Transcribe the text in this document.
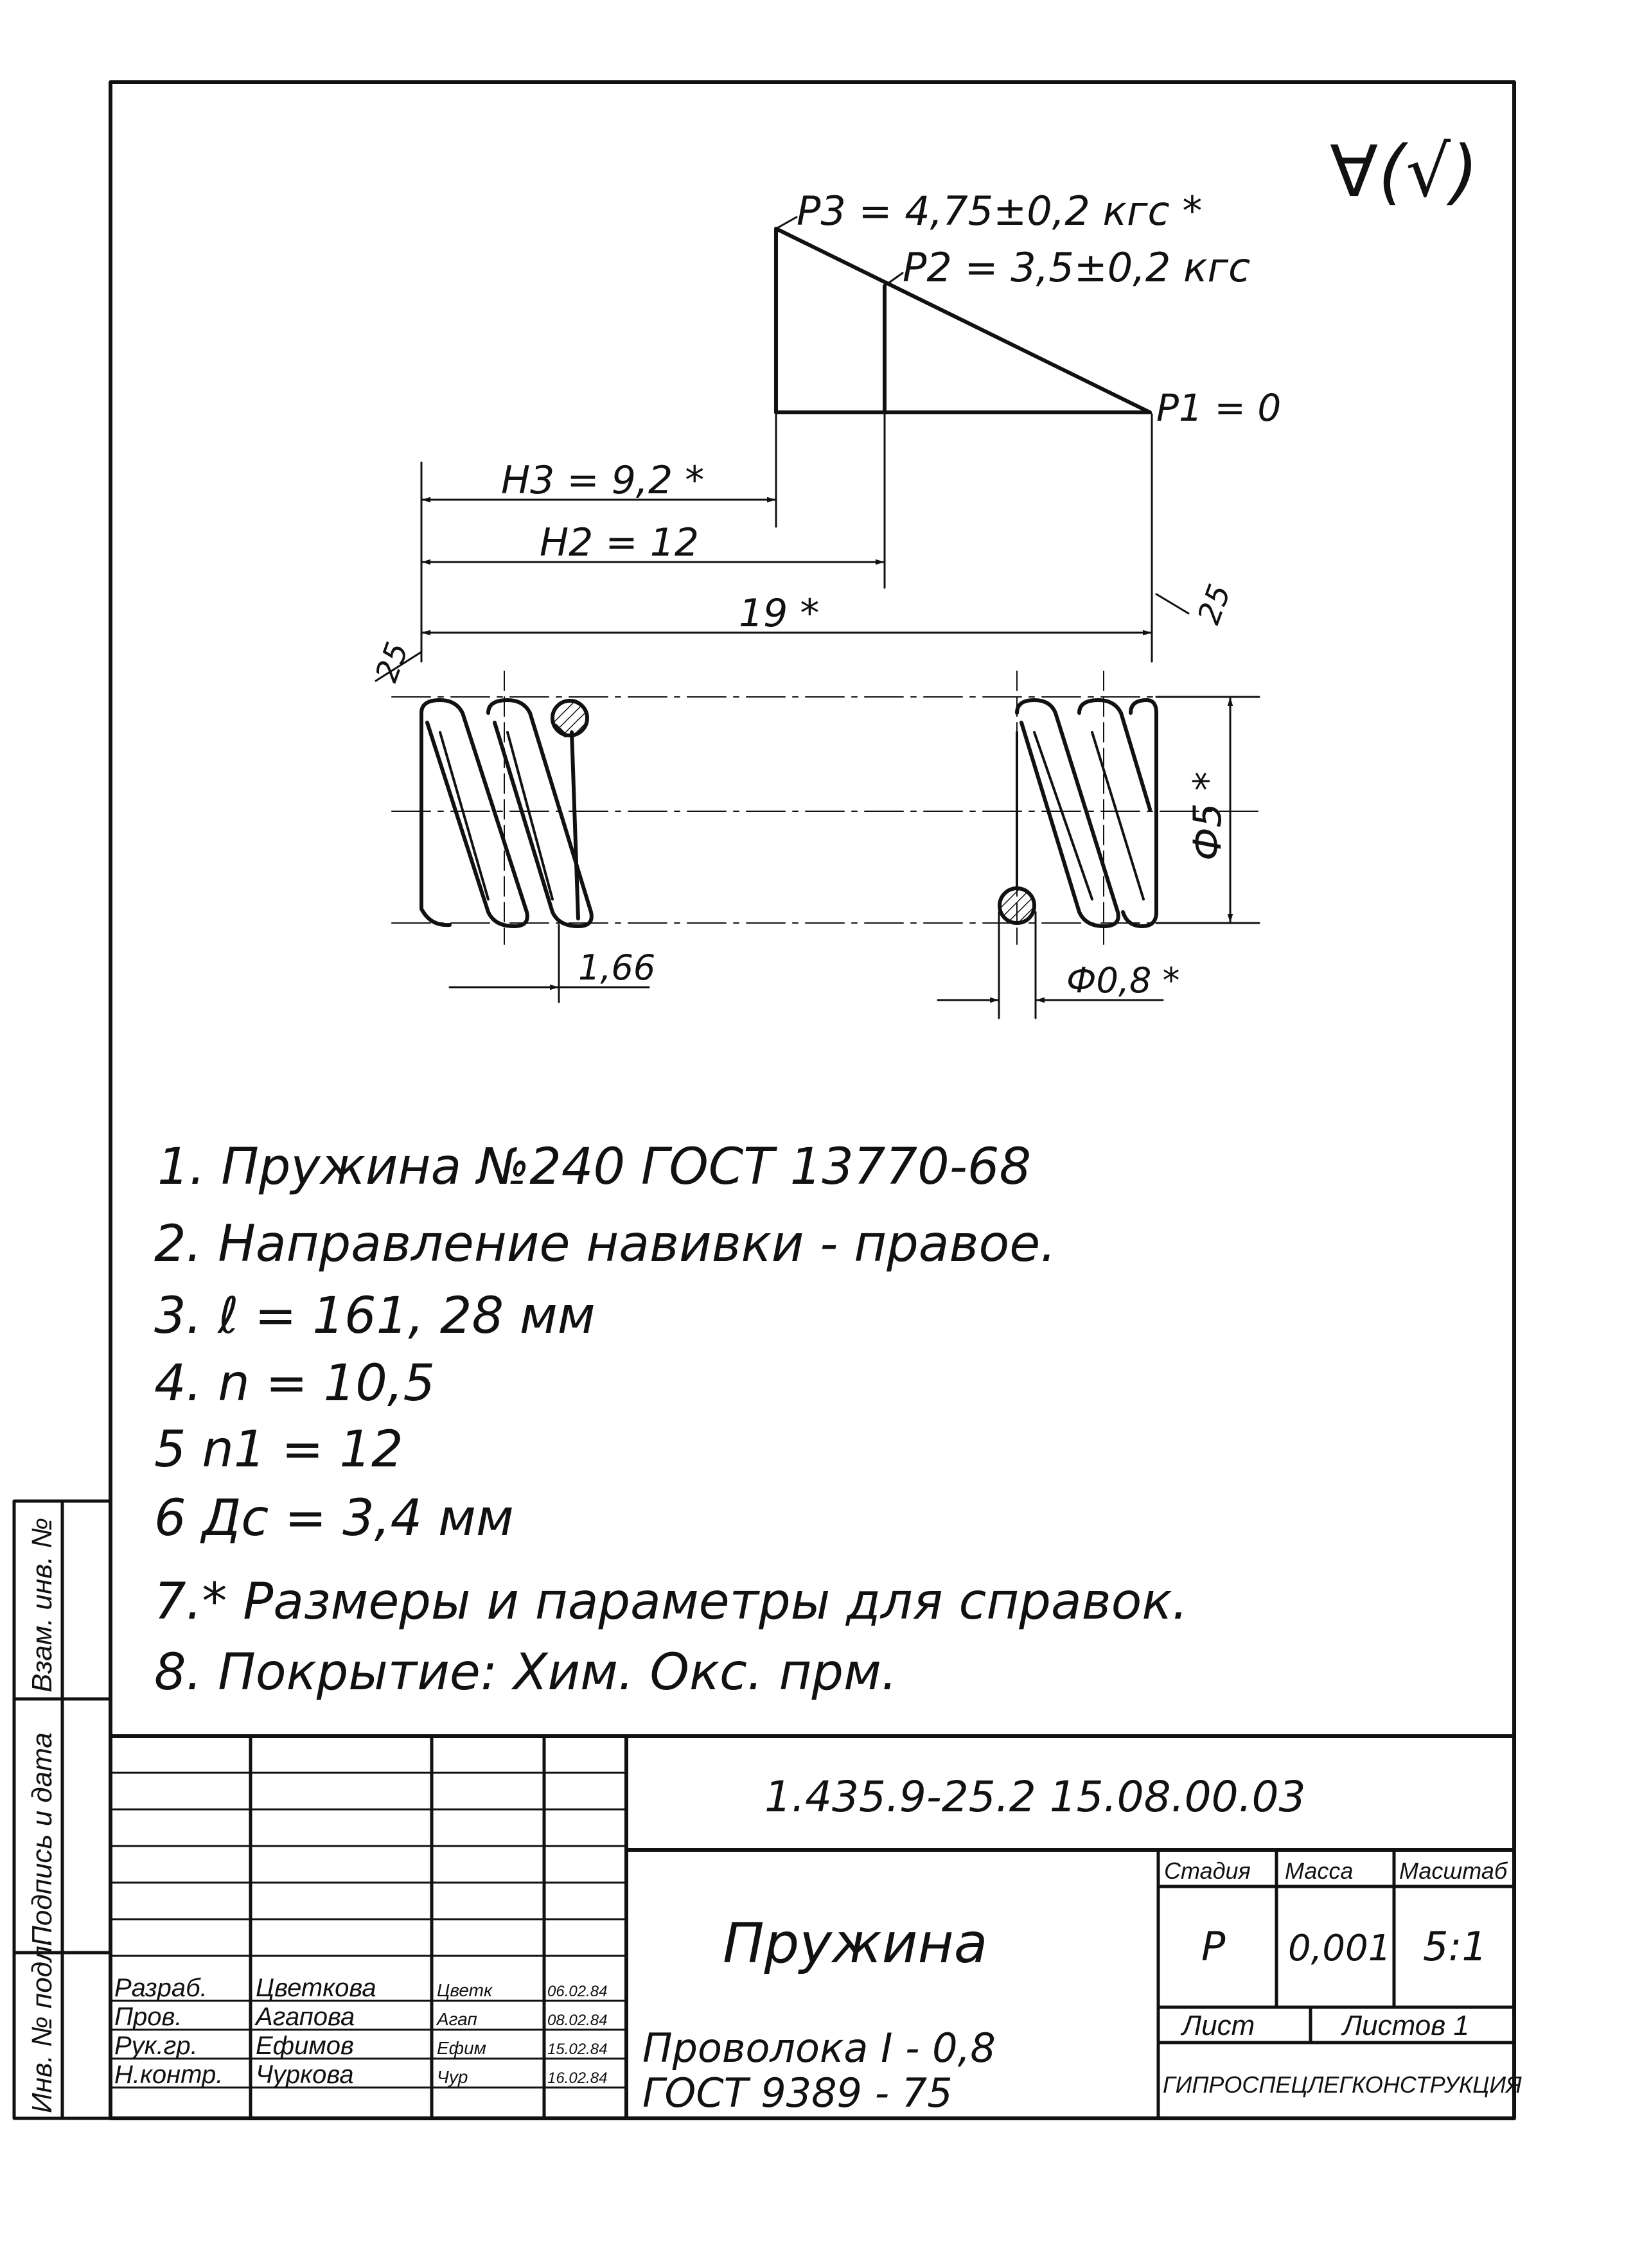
∀(√)
P3 = 4,75±0,2 кгс *
P2 = 3,5±0,2 кгс
P1 = 0
H3 = 9,2 *
H2 = 12
19 *
25
25
Ф5 *
1,66	Ф0,8 *
1. Пружина №240 ГОСТ 13770-68
2. Направление навивки - правое.
3. ℓ = 161, 28 мм
4. n = 10,5
5 n1 = 12
6 Дс = 3,4 мм
7.* Размеры и параметры для справок.
8. Покрытие: Хим. Окс. прм.
Инв. № подл.
Подпись и дата
Взам. инв. №
1.435.9-25.2 15.08.00.03
Пружина
Проволока I - 0,8
ГОСТ 9389 - 75
Стадия Масса Масштаб
Р 0,001 5:1
Лист	Листов 1
ГИПРОСПЕЦЛЕГКОНСТРУКЦИЯ
Разраб. Цветкова	Цветк	06.02.84
Пров.	Агапова	Агап	08.02.84
Рук.гр. Ефимов	Ефим	15.02.84
Н.контр. Чуркова	Чур	16.02.84
